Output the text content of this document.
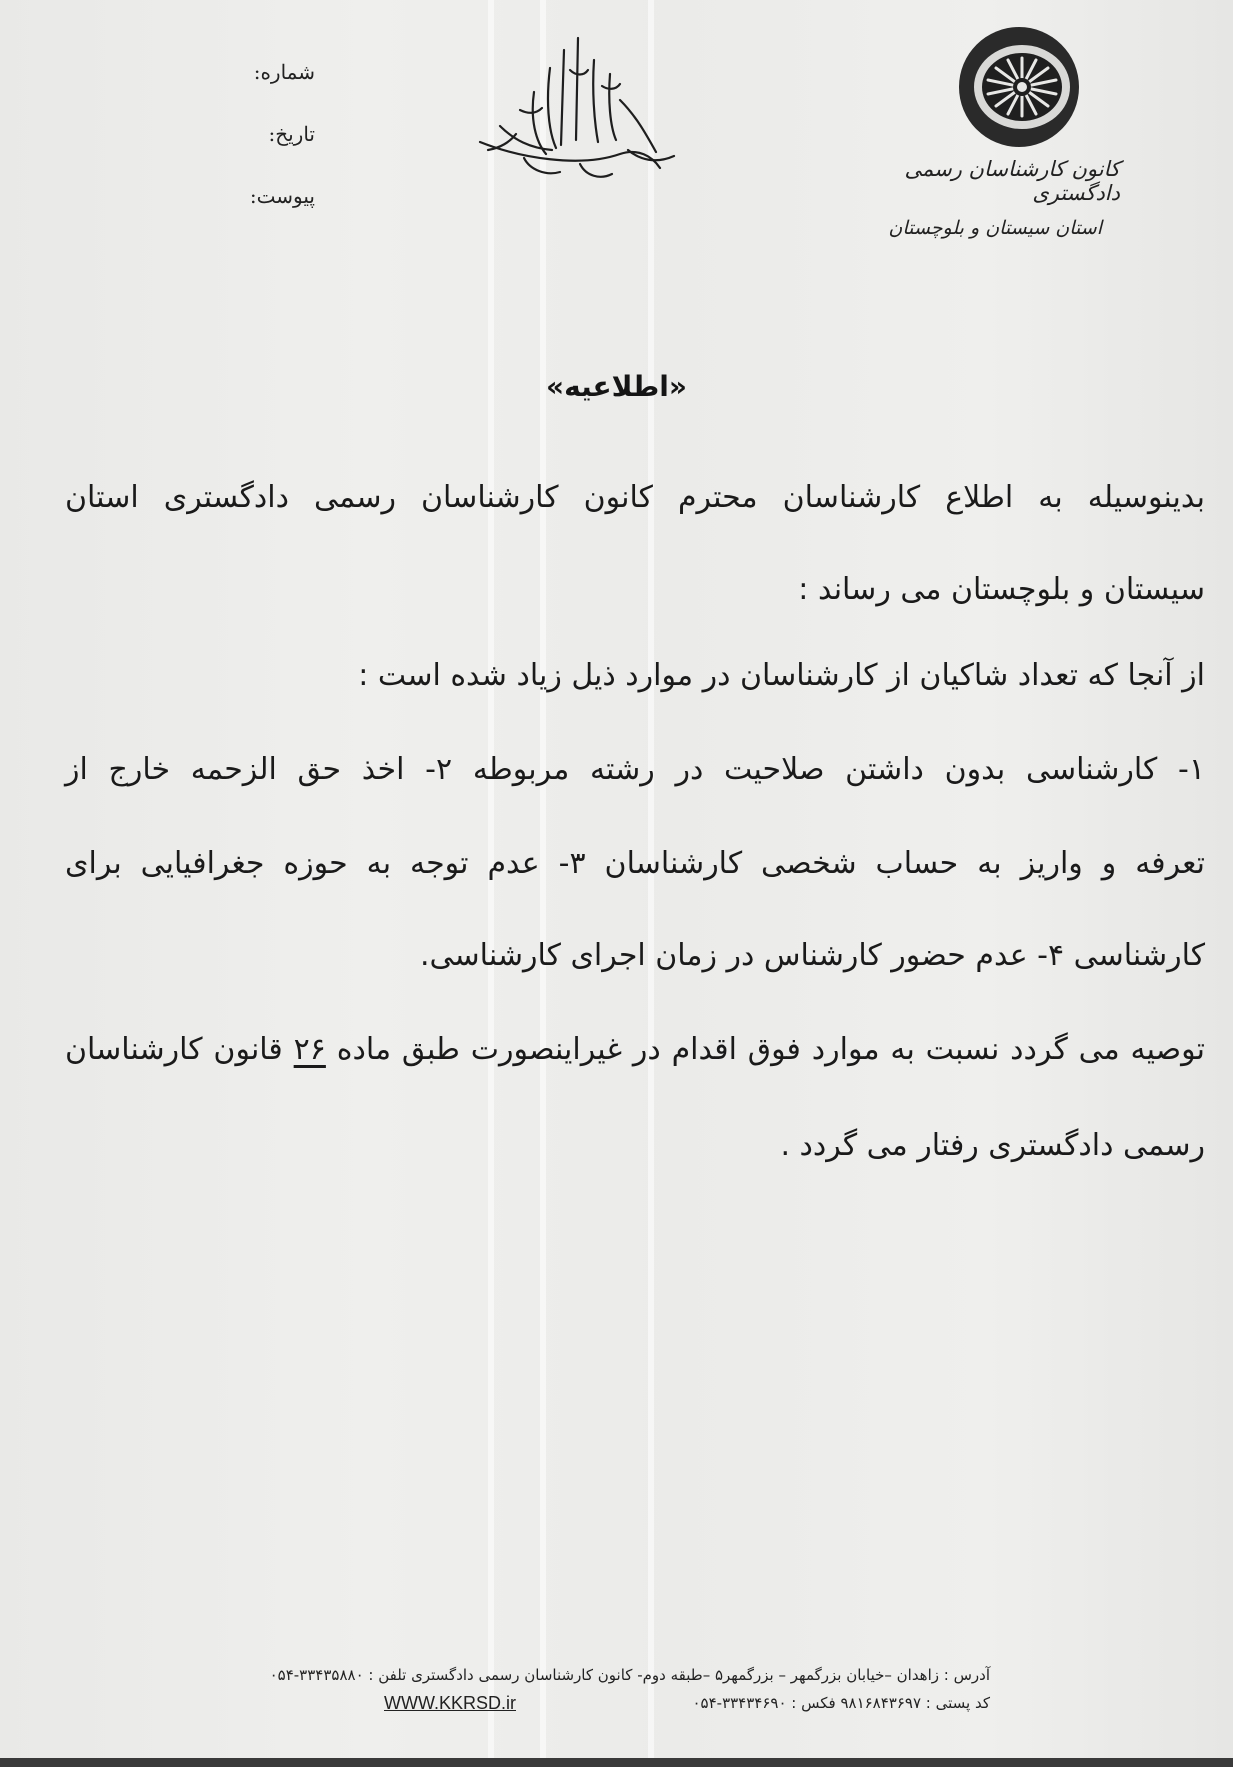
شماره:
تاریخ:
پیوست:
کانون کارشناسان رسمی دادگستری
استان سیستان و بلوچستان
«اطلاعیه»
بدینوسیله به اطلاع کارشناسان محترم کانون کارشناسان رسمی دادگستری استان
سیستان و بلوچستان می رساند :
از آنجا که تعداد شاکیان از کارشناسان در موارد ذیل زیاد شده است :
۱- کارشناسی بدون داشتن صلاحیت در رشته مربوطه ۲- اخذ حق الزحمه خارج از
تعرفه و واریز به حساب شخصی کارشناسان ۳- عدم توجه به حوزه جغرافیایی برای
کارشناسی ۴- عدم حضور کارشناس در زمان اجرای کارشناسی.
توصیه می گردد نسبت به موارد فوق اقدام در غیراینصورت طبق ماده ۲۶ قانون کارشناسان
رسمی دادگستری رفتار می گردد .
آدرس : زاهدان –خیابان بزرگمهر – بزرگمهر۵ –طبقه دوم- کانون کارشناسان رسمی دادگستری تلفن : ۳۳۴۳۵۸۸۰-۰۵۴
کد پستی : ۹۸۱۶۸۴۳۶۹۷ فکس : ۳۳۴۳۴۶۹۰-۰۵۴
WWW.KKRSD.ir
